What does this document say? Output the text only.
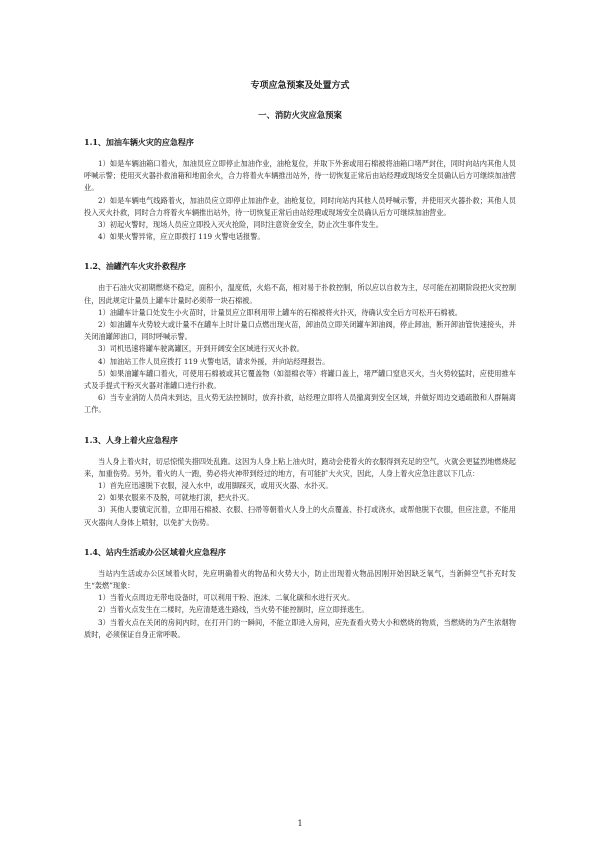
专项应急预案及处置方式
一、消防火灾应急预案
1.1、加油车辆火灾的应急程序

1）如是车辆油箱口着火，加油员应立即停止加油作业，油枪复位，并取下外套或用石棉被将油箱口堵严封住，同时向站内其他人员呼喊示警；使用灭火器扑救油箱和地面余火，合力将着火车辆推出站外，待一切恢复正常后由站经理或现场安全员确认后方可继续加油营业。

2）如是车辆电气线路着火，加油员应立即停止加油作业，油枪复位，同时向站内其他人员呼喊示警，并使用灭火器扑救；其他人员投入灭火扑救，同时合力将着火车辆推出站外，待一切恢复正常后由站经理或现场安全员确认后方可继续加油营业。

3）初起火警时，现场人员应立即投入灭火抢险，同时注意资金安全，防止次生事件发生。

4）如果火警异常，应立即拨打 119 火警电话报警。

1.2、油罐汽车火灾扑救程序

由于石油火灾初期燃烧不稳定，面积小，温度低，火焰不高，相对易于扑救控制，所以应以自救为主，尽可能在初期阶段把火灾控制住，因此规定计量员上罐车计量时必须带一块石棉被。

1）油罐车计量口处发生小火苗时，计量员应立即利用带上罐车的石棉被将火扑灭，待确认安全后方可松开石棉被。

2）如油罐车火势较大或计量不在罐车上时计量口点燃出现火苗，卸油员立即关闭罐车卸油阀，停止卸油，断开卸油管快速接头，并关闭油罐卸油口，同时呼喊示警。

3）司机迅速将罐车驶离罐区，开到开阔安全区域进行灭火扑救。

4）加油站工作人员应拨打 119 火警电话，请求外援，并向站经理报告。

5）如果油罐车罐口着火，可使用石棉被或其它覆盖物（如湿棉衣等）将罐口盖上，堵严罐口窒息灭火，当火势较猛时，应使用推车式及手提式干粉灭火器对准罐口进行扑救。

6）当专业消防人员尚未到达，且火势无法控制时，放弃扑救，站经理立即将人员撤离到安全区域，并做好周边交通疏散和人群隔离工作。

1.3、人身上着火应急程序

当人身上着火时，切忌惊慌失措四处乱跑。这因为人身上粘上油火时，跑动会使着火的衣服得到充足的空气，火就会更猛烈地燃烧起来，加重伤势。另外，着火的人一跑，势必将火神带到经过的地方，有可能扩大火灾，因此，人身上着火应急注意以下几点：

1）首先应迅速脱下衣服，浸入水中，或用脚踩灭，或用灭火器、水扑灭。

2）如果衣服来不及脱，可就地打滚，把火扑灭。

3）其他人要镇定沉着，立即用石棉被、衣服、扫帚等朝着火人身上的火点覆盖、扑打或浇水，或帮他脱下衣服，但应注意，不能用灭火器向人身体上喷射，以免扩大伤势。

1.4、站内生活或办公区域着火应急程序

当站内生活或办公区域着火时，先应明确着火的物品和火势大小，防止出现着火物品因刚开始因缺乏氧气，当新鲜空气扑充时发生“轰燃”现象：

1）当着火点周边无带电设备时，可以利用干粉、泡沫、二氧化碳和水进行灭火。

2）当着火点发生在二楼时，先应清楚逃生路线，当火势不能控制时，应立即择逃生。

3）当着火点在关闭的房间内时，在打开门的一瞬间，不能立即进入房间，应先查看火势大小和燃烧的物质，当燃烧的为产生浓烟物质时，必须保证自身正常呼吸。

1
